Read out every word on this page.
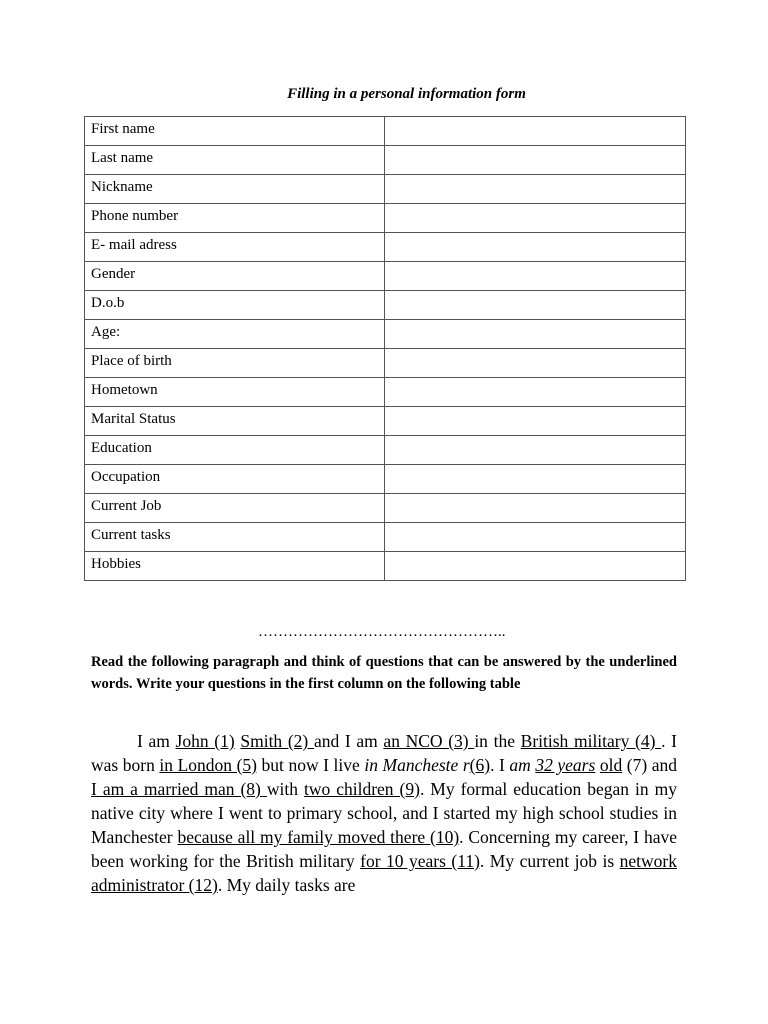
Filling in a personal information form
First name	
Last name	
Nickname	
Phone number	
E- mail adress	
Gender	
D.o.b	
Age:	
Place of birth	
Hometown	
Marital Status	
Education	
Occupation	
Current Job	
Current tasks	
Hobbies	
…………………………………………..
Read the following paragraph and think of questions that can be answered by the underlined words. Write your questions in the first column on the following table
I am John (1) Smith (2) and I am an NCO (3) in the British military (4) . I was born in London (5) but now I live in Mancheste r(6). I am 32 years old (7) and I am a married man (8) with two children (9). My formal education began in my native city where I went to primary school, and I started my high school studies in Manchester because all my family moved there (10). Concerning my career, I have been working for the British military for 10 years (11). My current job is network administrator (12). My daily tasks are
